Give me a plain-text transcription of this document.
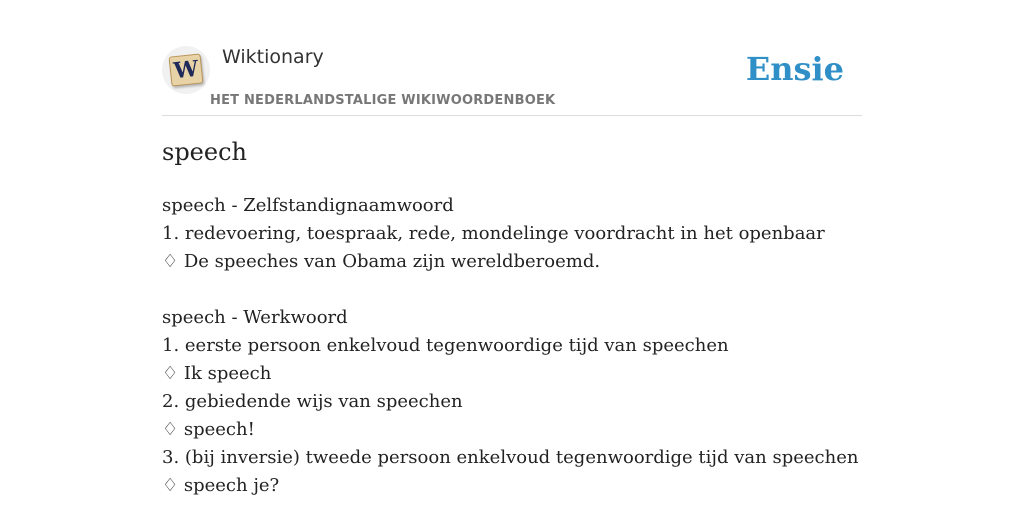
W Wiktionary
HET NEDERLANDSTALIGE WIKIWOORDENBOEK
Ensie
speech
speech - Zelfstandignaamwoord
1. redevoering, toespraak, rede, mondelinge voordracht in het openbaar
♢ De speeches van Obama zijn wereldberoemd.
speech - Werkwoord
1. eerste persoon enkelvoud tegenwoordige tijd van speechen
♢ Ik speech
2. gebiedende wijs van speechen
♢ speech!
3. (bij inversie) tweede persoon enkelvoud tegenwoordige tijd van speechen
♢ speech je?
